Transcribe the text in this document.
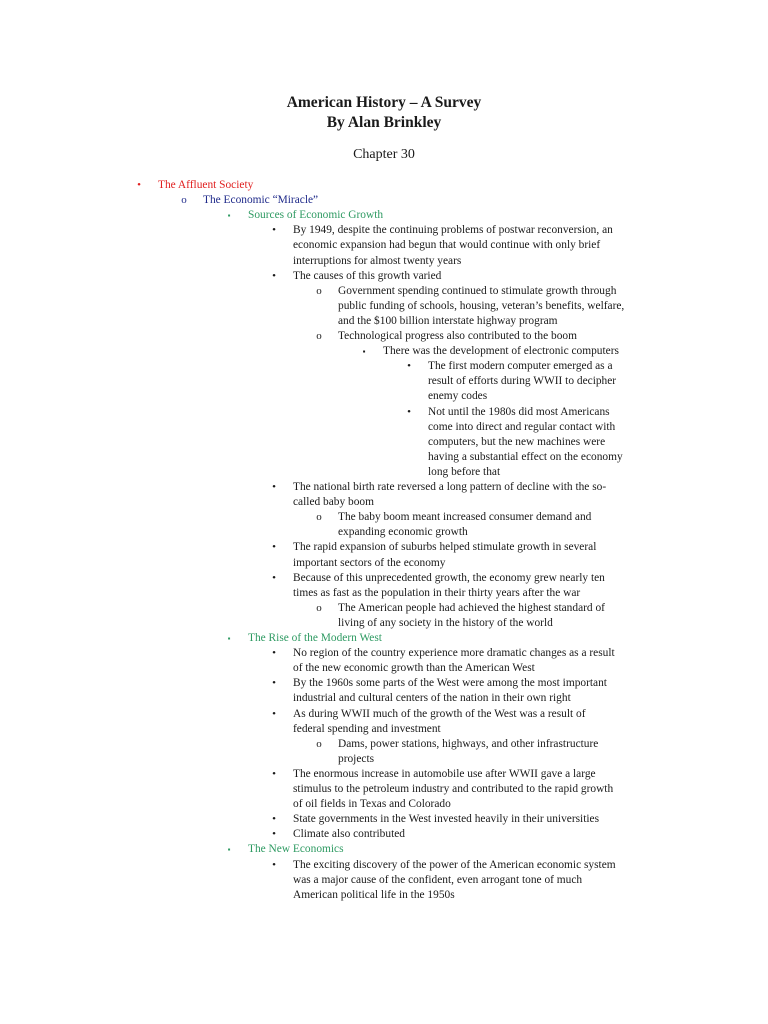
American History – A Survey
By Alan Brinkley
Chapter 30
•	The Affluent Society
o The Economic “Miracle”
▪	Sources of Economic Growth
•	By 1949, despite the continuing problems of postwar reconversion, an
economic expansion had begun that would continue with only brief
interruptions for almost twenty years
•	The causes of this growth varied
o Government spending continued to stimulate growth through
public funding of schools, housing, veteran’s benefits, welfare,
and the $100 billion interstate highway program
o Technological progress also contributed to the boom
▪	There was the development of electronic computers
•	The first modern computer emerged as a
result of efforts during WWII to decipher
enemy codes
•	Not until the 1980s did most Americans
come into direct and regular contact with
computers, but the new machines were
having a substantial effect on the economy
long before that
•	The national birth rate reversed a long pattern of decline with the so-
called baby boom
o The baby boom meant increased consumer demand and
expanding economic growth
•	The rapid expansion of suburbs helped stimulate growth in several
important sectors of the economy
•	Because of this unprecedented growth, the economy grew nearly ten
times as fast as the population in their thirty years after the war
o The American people had achieved the highest standard of
living of any society in the history of the world
▪	The Rise of the Modern West
•	No region of the country experience more dramatic changes as a result
of the new economic growth than the American West
•	By the 1960s some parts of the West were among the most important
industrial and cultural centers of the nation in their own right
•	As during WWII much of the growth of the West was a result of
federal spending and investment
o Dams, power stations, highways, and other infrastructure
projects
•	The enormous increase in automobile use after WWII gave a large
stimulus to the petroleum industry and contributed to the rapid growth
of oil fields in Texas and Colorado
•	State governments in the West invested heavily in their universities
•	Climate also contributed
▪	The New Economics
•	The exciting discovery of the power of the American economic system
was a major cause of the confident, even arrogant tone of much
American political life in the 1950s
